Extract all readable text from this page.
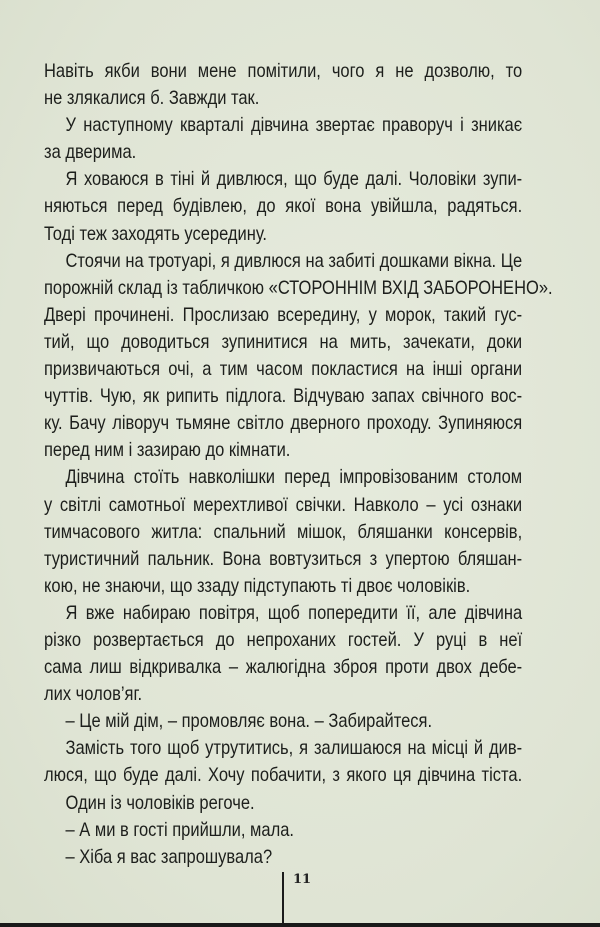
Навіть якби вони мене помітили, чого я не дозволю, то
не злякалися б. Завжди так.
У наступному кварталі дівчина звертає праворуч і зникає
за дверима.
Я ховаюся в тіні й дивлюся, що буде далі. Чоловіки зупи-
няються перед будівлею, до якої вона увійшла, радяться.
Тоді теж заходять усередину.
Стоячи на тротуарі, я дивлюся на забиті дошками вікна. Це
порожній склад із табличкою «СТОРОННІМ ВХІД ЗАБОРОНЕНО».
Двері прочинені. Прослизаю всередину, у морок, такий гус-
тий, що доводиться зупинитися на мить, зачекати, доки
призвичаються очі, а тим часом покластися на інші органи
чуттів. Чую, як рипить підлога. Відчуваю запах свічного вос-
ку. Бачу ліворуч тьмяне світло дверного проходу. Зупиняюся
перед ним і зазираю до кімнати.
Дівчина стоїть навколішки перед імпровізованим столом
у світлі самотньої мерехтливої свічки. Навколо – усі ознаки
тимчасового житла: спальний мішок, бляшанки консервів,
туристичний пальник. Вона вовтузиться з упертою бляшан-
кою, не знаючи, що ззаду підступають ті двоє чоловіків.
Я вже набираю повітря, щоб попередити її, але дівчина
різко розвертається до непроханих гостей. У руці в неї
сама лиш відкривалка – жалюгідна зброя проти двох дебе-
лих чолов’яг.
– Це мій дім, – промовляє вона. – Забирайтеся.
Замість того щоб утрутитись, я залишаюся на місці й див-
люся, що буде далі. Хочу побачити, з якого ця дівчина тіста.
Один із чоловіків регоче.
– А ми в гості прийшли, мала.
– Хіба я вас запрошувала?
11
